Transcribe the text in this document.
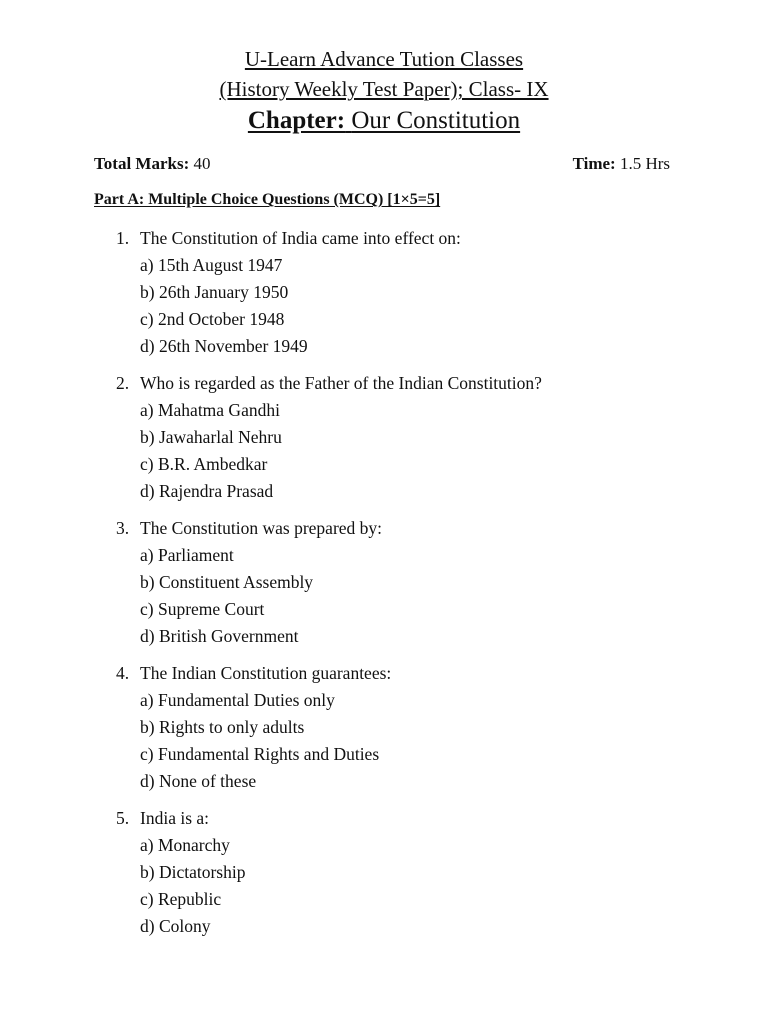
U-Learn Advance Tution Classes
(History Weekly Test Paper); Class- IX
Chapter: Our Constitution
Total Marks: 40	Time: 1.5 Hrs
Part A: Multiple Choice Questions (MCQ) [1×5=5]
1. The Constitution of India came into effect on:
a) 15th August 1947
b) 26th January 1950
c) 2nd October 1948
d) 26th November 1949
2. Who is regarded as the Father of the Indian Constitution?
a) Mahatma Gandhi
b) Jawaharlal Nehru
c) B.R. Ambedkar
d) Rajendra Prasad
3. The Constitution was prepared by:
a) Parliament
b) Constituent Assembly
c) Supreme Court
d) British Government
4. The Indian Constitution guarantees:
a) Fundamental Duties only
b) Rights to only adults
c) Fundamental Rights and Duties
d) None of these
5. India is a:
a) Monarchy
b) Dictatorship
c) Republic
d) Colony
